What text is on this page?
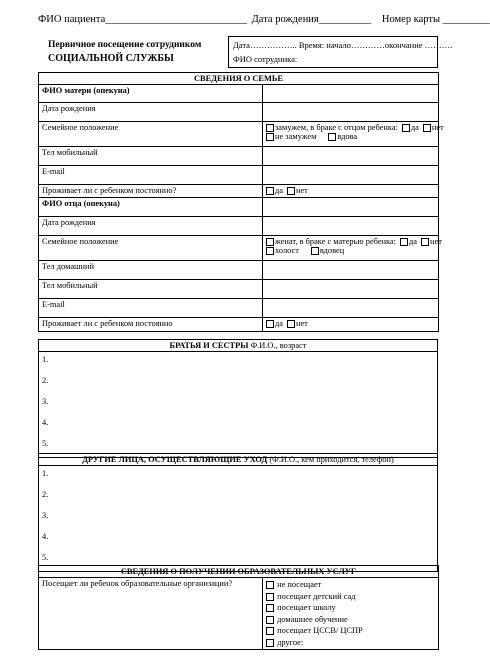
ФИО пациента___________________________ Дата рождения__________ Номер карты _________
Первичное посещение сотрудником
СОЦИАЛЬНОЙ СЛУЖБЫ
Дата…………….. Время: начало…………окончание ……….
ФИО сотрудника:
СВЕДЕНИЯ О СЕМЬЕ	
ФИО матери (опекуна)	
Дата рождения	
Семейное положение	замужем, в браке с отцом ребенка: да нет
не замужем вдова

Тел мобильный	
E-mail	
Проживает ли с ребенком постоянно?	да нет
ФИО отца (опекуна)	
Дата рождения	
Семейное положение	женат, в браке с матерью ребенка: да нет
холост вдовец

Тел домашний	
Тел мобильный	
E-mail	
Проживает ли с ребенком постоянно	да нет
БРАТЬЯ И СЕСТРЫ Ф.И.О., возраст

1.
2.
3.
4.
5.
ДРУГИЕ ЛИЦА, ОСУЩЕСТВЛЯЮЩИЕ УХОД (Ф.И.О., кем приходится, телефон)

1.
2.
3.
4.
5.
СВЕДЕНИЯ О ПОЛУЧЕНИИ ОБРАЗОВАТЕЛЬНЫХ УСЛУГ
Посещает ли ребенок образовательные организации?	не посещает
посещает детский сад
посещает школу
домашнее обучение
посещает ЦССВ/ ЦСПР
другое:
